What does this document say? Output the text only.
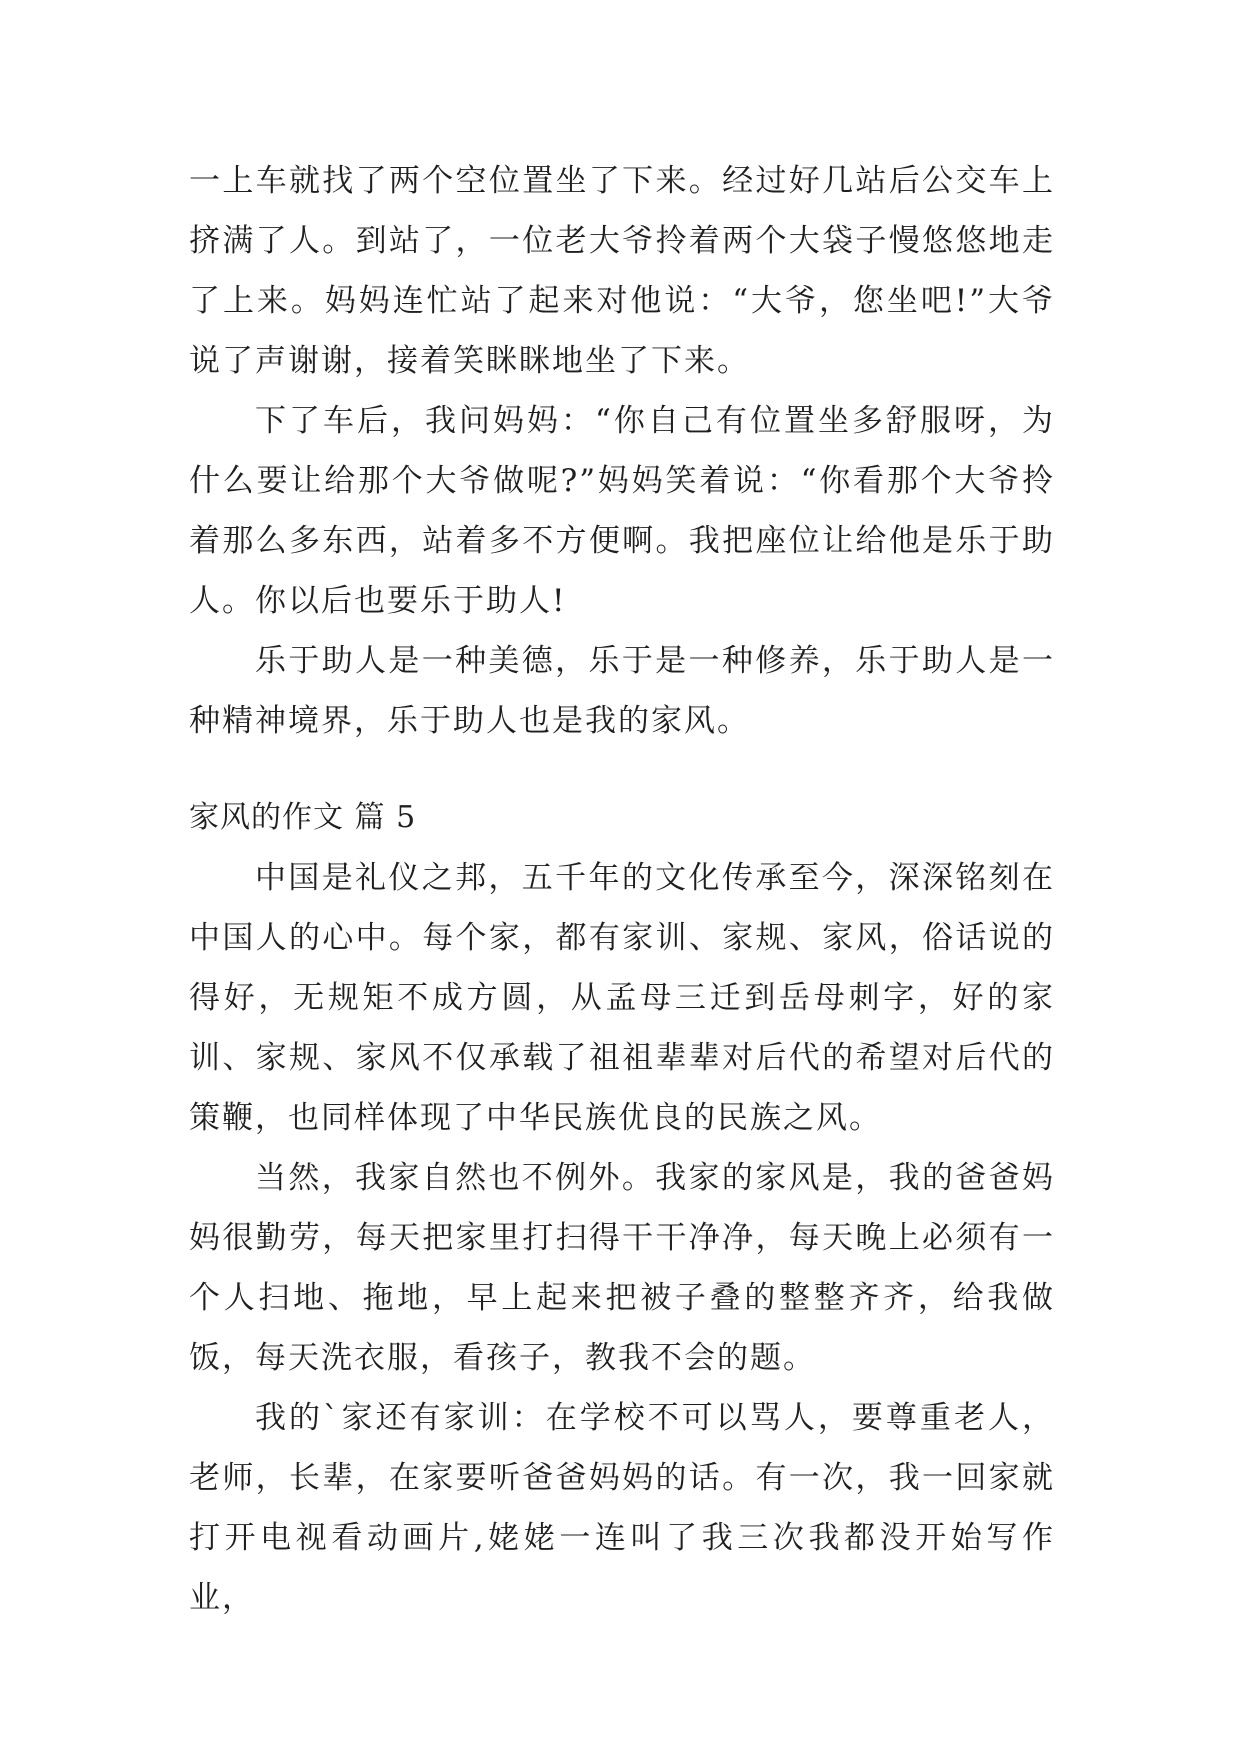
一上车就找了两个空位置坐了下来。经过好几站后公交车上挤满了人。到站了，一位老大爷拎着两个大袋子慢悠悠地走了上来。妈妈连忙站了起来对他说：“大爷，您坐吧!”大爷说了声谢谢，接着笑眯眯地坐了下来。

下了车后，我问妈妈：“你自己有位置坐多舒服呀，为什么要让给那个大爷做呢?”妈妈笑着说：“你看那个大爷拎着那么多东西，站着多不方便啊。我把座位让给他是乐于助人。你以后也要乐于助人!

乐于助人是一种美德，乐于是一种修养，乐于助人是一种精神境界，乐于助人也是我的家风。

家风的作文 篇 5

中国是礼仪之邦，五千年的文化传承至今，深深铭刻在中国人的心中。每个家，都有家训、家规、家风，俗话说的得好，无规矩不成方圆，从孟母三迁到岳母刺字，好的家训、家规、家风不仅承载了祖祖辈辈对后代的希望对后代的策鞭，也同样体现了中华民族优良的民族之风。

当然，我家自然也不例外。我家的家风是，我的爸爸妈妈很勤劳，每天把家里打扫得干干净净，每天晚上必须有一个人扫地、拖地，早上起来把被子叠的整整齐齐，给我做饭，每天洗衣服，看孩子，教我不会的题。

我的`家还有家训：在学校不可以骂人，要尊重老人，老师，长辈，在家要听爸爸妈妈的话。有一次，我一回家就打开电视看动画片,姥姥一连叫了我三次我都没开始写作业，
